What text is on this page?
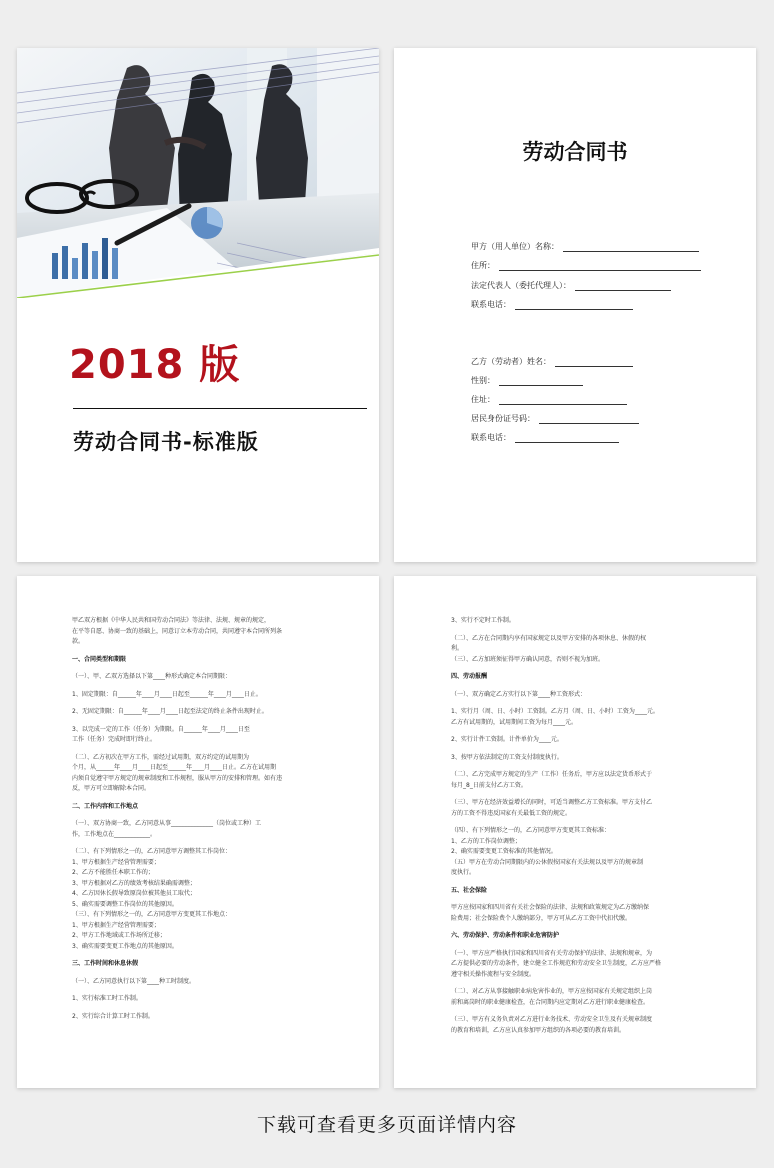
2018 版
劳动合同书-标准版
劳动合同书
甲方（用人单位）名称：
住所：
法定代表人（委托代理人）：
联系电话：
乙方（劳动者）姓名：
性别：
住址：
居民身份证号码：
联系电话：

甲乙双方根据《中华人民共和国劳动合同法》等法律、法规、规章的规定，

在平等自愿、协商一致的基础上，同意订立本劳动合同，共同遵守本合同所列条

款。

一、合同类型和期限

（一）、甲、乙双方选择以下第____种形式确定本合同期限：

1、固定期限：自______年____月____日起至______年____月____日止。

2、无固定期限：自______年____月____日起至法定的终止条件出现时止。

3、以完成一定的工作（任务）为期限。自______年____月____日至

工作（任务）完成时即行终止。

（二）、乙方初次在甲方工作，需经过试用期，双方约定的试用期为

个月，从______年____月____日起至______年____月____日止。乙方在试用期

内须自觉遵守甲方规定的规章制度和工作规程，服从甲方的安排和管理。如有违

反，甲方可立即解除本合同。

二、工作内容和工作地点

（一）、双方协商一致，乙方同意从事______________（岗位或工种）工

作，工作地点在____________。

（二）、有下列情形之一的，乙方同意甲方调整其工作岗位：

1、甲方根据生产经营管理需要；

2、乙方不能胜任本职工作的；

3、甲方根据对乙方的绩效考核结果确需调整；

4、乙方因休长假导致原岗位被其他员工取代；

5、确实需要调整工作岗位的其他原因。

（三）、有下列情形之一的，乙方同意甲方变更其工作地点：

1、甲方根据生产经营管理需要；

2、甲方工作地域或工作场所迁移；

3、确实需要变更工作地点的其他原因。

三、工作时间和休息休假

（一）、乙方同意执行以下第____种工时制度。

1、实行标准工时工作制。

2、实行综合计算工时工作制。

3、实行不定时工作制。

（二）、乙方在合同期内享有国家规定以及甲方安排的各项休息、休假的权

利。

（三）、乙方加班须征得甲方确认同意，否则不视为加班。

四、劳动报酬

（一）、双方确定乙方实行以下第____种工资形式：

1、实行月（周、日、小时）工资制。乙方月（周、日、小时）工资为____元。

乙方有试用期的，试用期间工资为每月____元。

2、实行计件工资制。计件单价为____元。

3、按甲方依法制定的工资支付制度执行。

（二）、乙方完成甲方规定的生产（工作）任务后，甲方应以法定货币形式于

每月_8_日前支付乙方工资。

（三）、甲方在经济效益增长的同时，可适当调整乙方工资标准。甲方支付乙

方的工资不得违反国家有关最低工资的规定。

（四）、有下列情形之一的，乙方同意甲方变更其工资标准：

1、乙方的工作岗位调整；

2、确实需要变更工资标准的其他情况。

（五）甲方在劳动合同期限内的公休假按国家有关法规以及甲方的规章制

度执行。

五、社会保险

甲方应按国家和四川省有关社会保险的法律、法规和政策规定为乙方缴纳保

险费用；社会保险费个人缴纳部分，甲方可从乙方工资中代扣代缴。

六、劳动保护、劳动条件和职业危害防护

（一）、甲方应严格执行国家和四川省有关劳动保护的法律、法规和规章，为

乙方提供必要的劳动条件，建立健全工作规范和劳动安全卫生制度，乙方应严格

遵守相关操作流程与安全制度。

（二）、对乙方从事接触职业病危害作业的，甲方应按国家有关规定组织上岗

前和离岗时的职业健康检查，在合同期内应定期对乙方进行职业健康检查。

（三）、甲方有义务负责对乙方进行业务技术、劳动安全卫生及有关规章制度

的教育和培训，乙方应认真参加甲方组织的各项必要的教育培训。

下载可查看更多页面详情内容
